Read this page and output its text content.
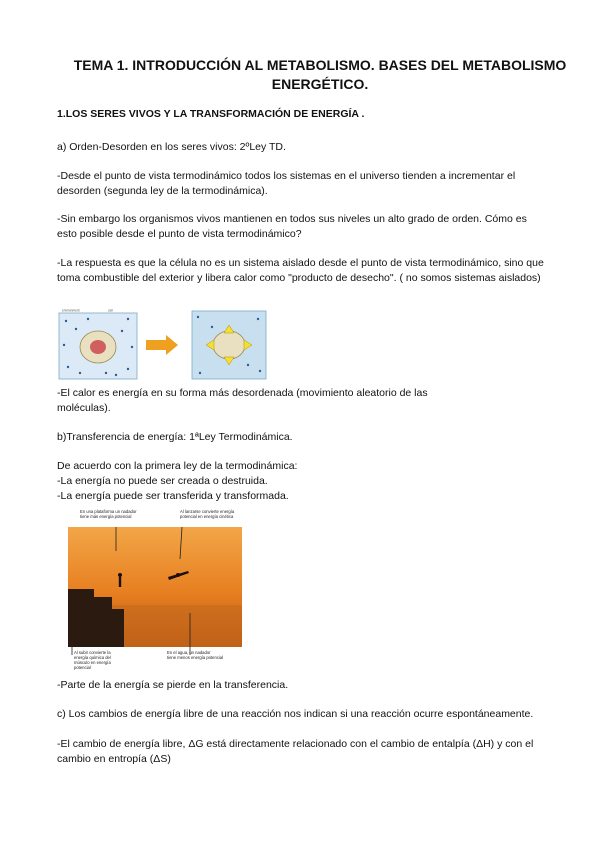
TEMA 1. INTRODUCCIÓN AL METABOLISMO. BASES DEL METABOLISMO ENERGÉTICO.
1.LOS SERES VIVOS Y LA TRANSFORMACIÓN DE ENERGÍA .
a) Orden-Desorden en los seres vivos: 2ºLey TD.
-Desde el punto de vista termodinámico todos los sistemas en el universo tienden a incrementar el desorden (segunda ley de la termodinámica).
-Sin embargo los organismos vivos mantienen en todos sus niveles un alto grado de orden. Cómo es esto posible desde el punto de vista termodinámico?
-La respuesta es que la célula no es un sistema aislado desde el punto de vista termodinámico, sino que toma combustible del exterior y libera calor como "producto de desecho". ( no somos sistemas aislados)
environment	cell
-El calor es energía en su forma más desordenada (movimiento aleatorio de las moléculas).
b)Transferencia de energía: 1ªLey Termodinámica.
De acuerdo con la primera ley de la termodinámica:
-La energía no puede ser creada o destruida.
-La energía puede ser transferida y transformada.
En una plataforma un nadador tiene más energía potencial
Al lanzarse convierte energía potencial en energía cinética
Al subir convierte la energía química del músculo en energía potencial
En el agua, un nadador tiene menos energía potencial
-Parte de la energía se pierde en la transferencia.
c) Los cambios de energía libre de una reacción nos indican si una reacción ocurre espontáneamente.
-El cambio de energía libre, ΔG está directamente relacionado con el cambio de entalpía (ΔH) y con el cambio en entropía (ΔS)
